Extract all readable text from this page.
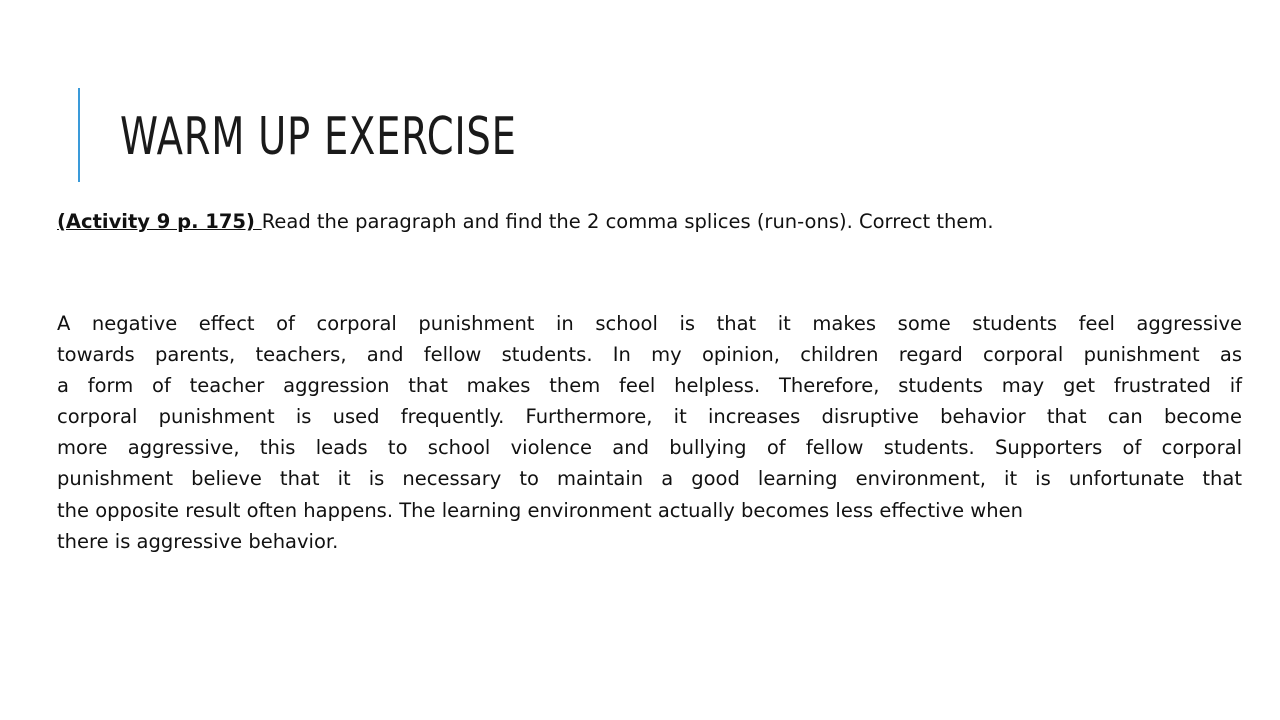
WARM UP EXERCISE

(Activity 9 p. 175) Read the paragraph and find the 2 comma splices (run-ons). Correct them.

A negative effect of corporal punishment in school is that it makes some students feel aggressive
towards parents, teachers, and fellow students. In my opinion, children regard corporal punishment as
a form of teacher aggression that makes them feel helpless. Therefore, students may get frustrated if
corporal punishment is used frequently. Furthermore, it increases disruptive behavior that can become
more aggressive, this leads to school violence and bullying of fellow students. Supporters of corporal
punishment believe that it is necessary to maintain a good learning environment, it is unfortunate that
the opposite result often happens. The learning environment actually becomes less effective when
there is aggressive behavior.
